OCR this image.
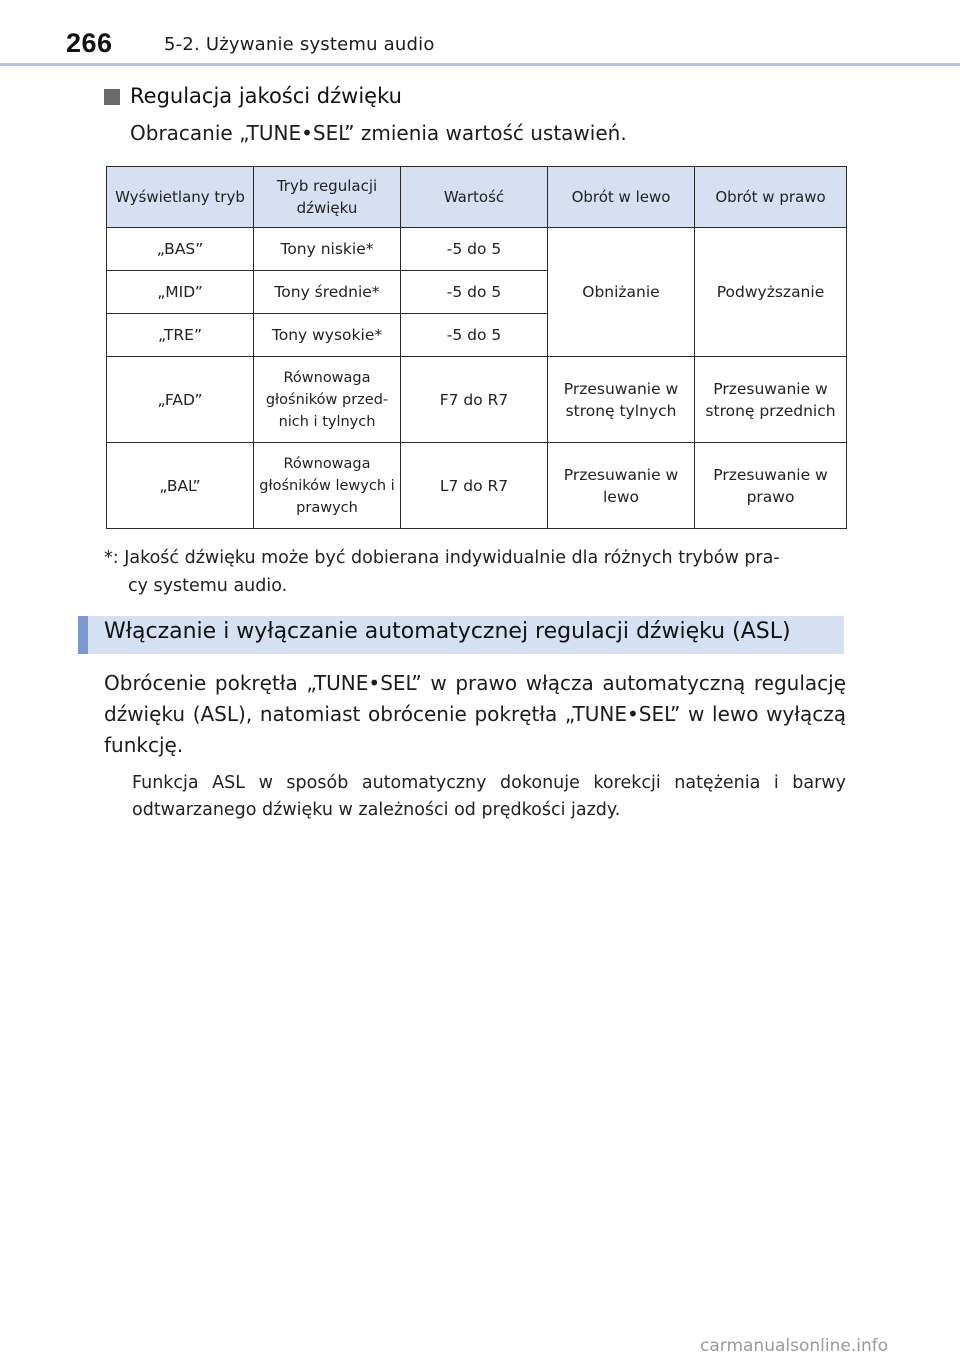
266	5-2. Używanie systemu audio
Regulacja jakości dźwięku
Obracanie „TUNE•SEL” zmienia wartość ustawień.
Wyświetlany tryb	Tryb regulacji dźwięku	Wartość	Obrót w lewo	Obrót w prawo
„BAS”	Tony niskie*	-5 do 5	Obniżanie	Podwyższanie
„MID”	Tony średnie*	-5 do 5		
„TRE”	Tony wysokie*	-5 do 5		
„FAD”	Równowaga głośników przed-nich i tylnych	F7 do R7	Przesuwanie w stronę tylnych	Przesuwanie w stronę przednich
„BAL”	Równowaga głośników lewych i prawych	L7 do R7	Przesuwanie w lewo	Przesuwanie w prawo
*: Jakość dźwięku może być dobierana indywidualnie dla różnych trybów pra-
cy systemu audio.
Włączanie i wyłączanie automatycznej regulacji dźwięku (ASL)
Obrócenie pokrętła „TUNE•SEL” w prawo włącza automatyczną regulację dźwięku (ASL), natomiast obrócenie pokrętła „TUNE•SEL” w lewo wyłączą funkcję.
Funkcja ASL w sposób automatyczny dokonuje korekcji natężenia i barwy odtwarzanego dźwięku w zależności od prędkości jazdy.
carmanualsonline.info
